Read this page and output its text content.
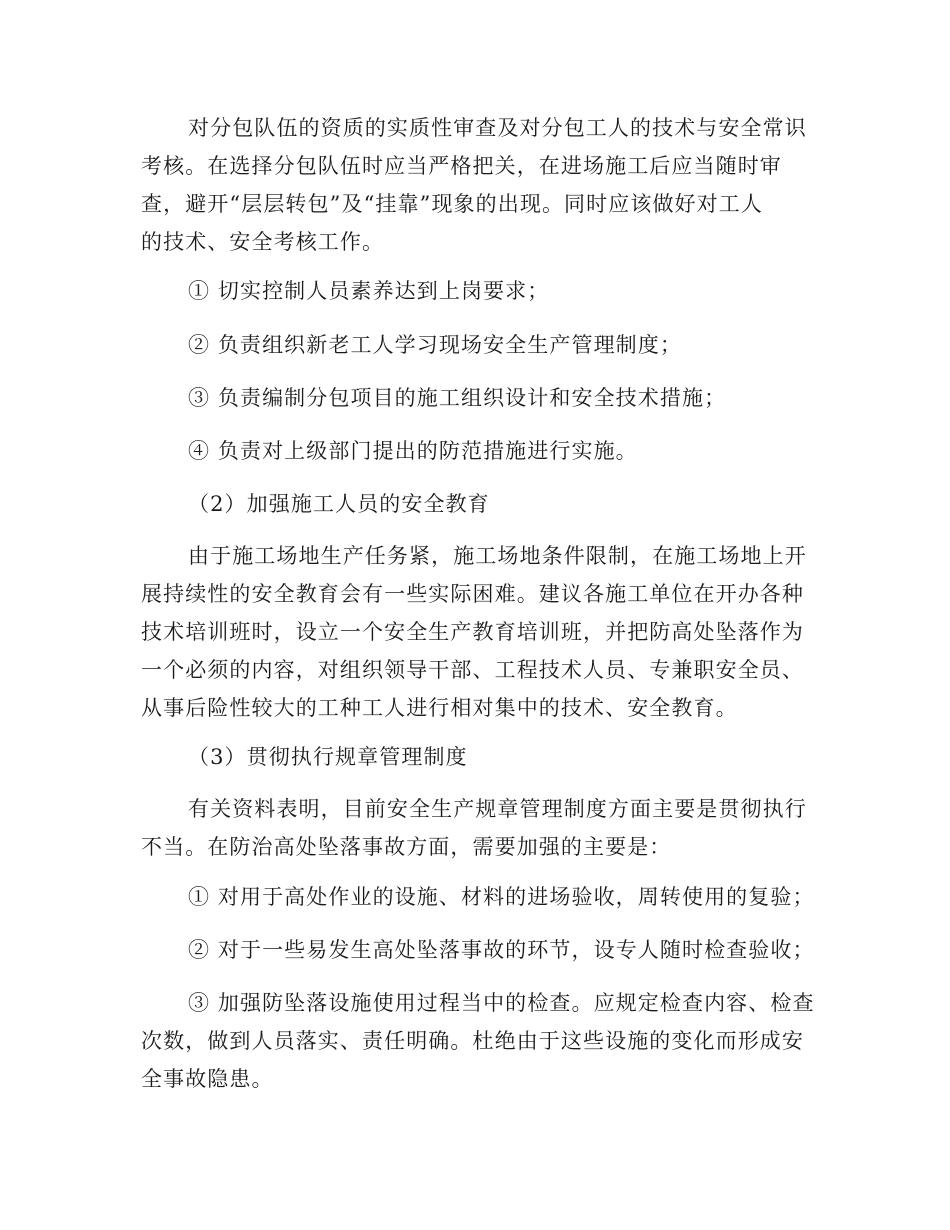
对分包队伍的资质的实质性审查及对分包工人的技术与安全常识
考核。在选择分包队伍时应当严格把关，在进场施工后应当随时审
查，避开“层层转包”及“挂靠”现象的出现。同时应该做好对工人
的技术、安全考核工作。
① 切实控制人员素养达到上岗要求；
② 负责组织新老工人学习现场安全生产管理制度；
③ 负责编制分包项目的施工组织设计和安全技术措施；
④ 负责对上级部门提出的防范措施进行实施。
（2）加强施工人员的安全教育
由于施工场地生产任务紧，施工场地条件限制，在施工场地上开
展持续性的安全教育会有一些实际困难。建议各施工单位在开办各种
技术培训班时，设立一个安全生产教育培训班，并把防高处坠落作为
一个必须的内容，对组织领导干部、工程技术人员、专兼职安全员、
从事后险性较大的工种工人进行相对集中的技术、安全教育。
（3）贯彻执行规章管理制度
有关资料表明，目前安全生产规章管理制度方面主要是贯彻执行
不当。在防治高处坠落事故方面，需要加强的主要是：
① 对用于高处作业的设施、材料的进场验收，周转使用的复验；
② 对于一些易发生高处坠落事故的环节，设专人随时检查验收；
③ 加强防坠落设施使用过程当中的检查。应规定检查内容、检查
次数，做到人员落实、责任明确。杜绝由于这些设施的变化而形成安
全事故隐患。
